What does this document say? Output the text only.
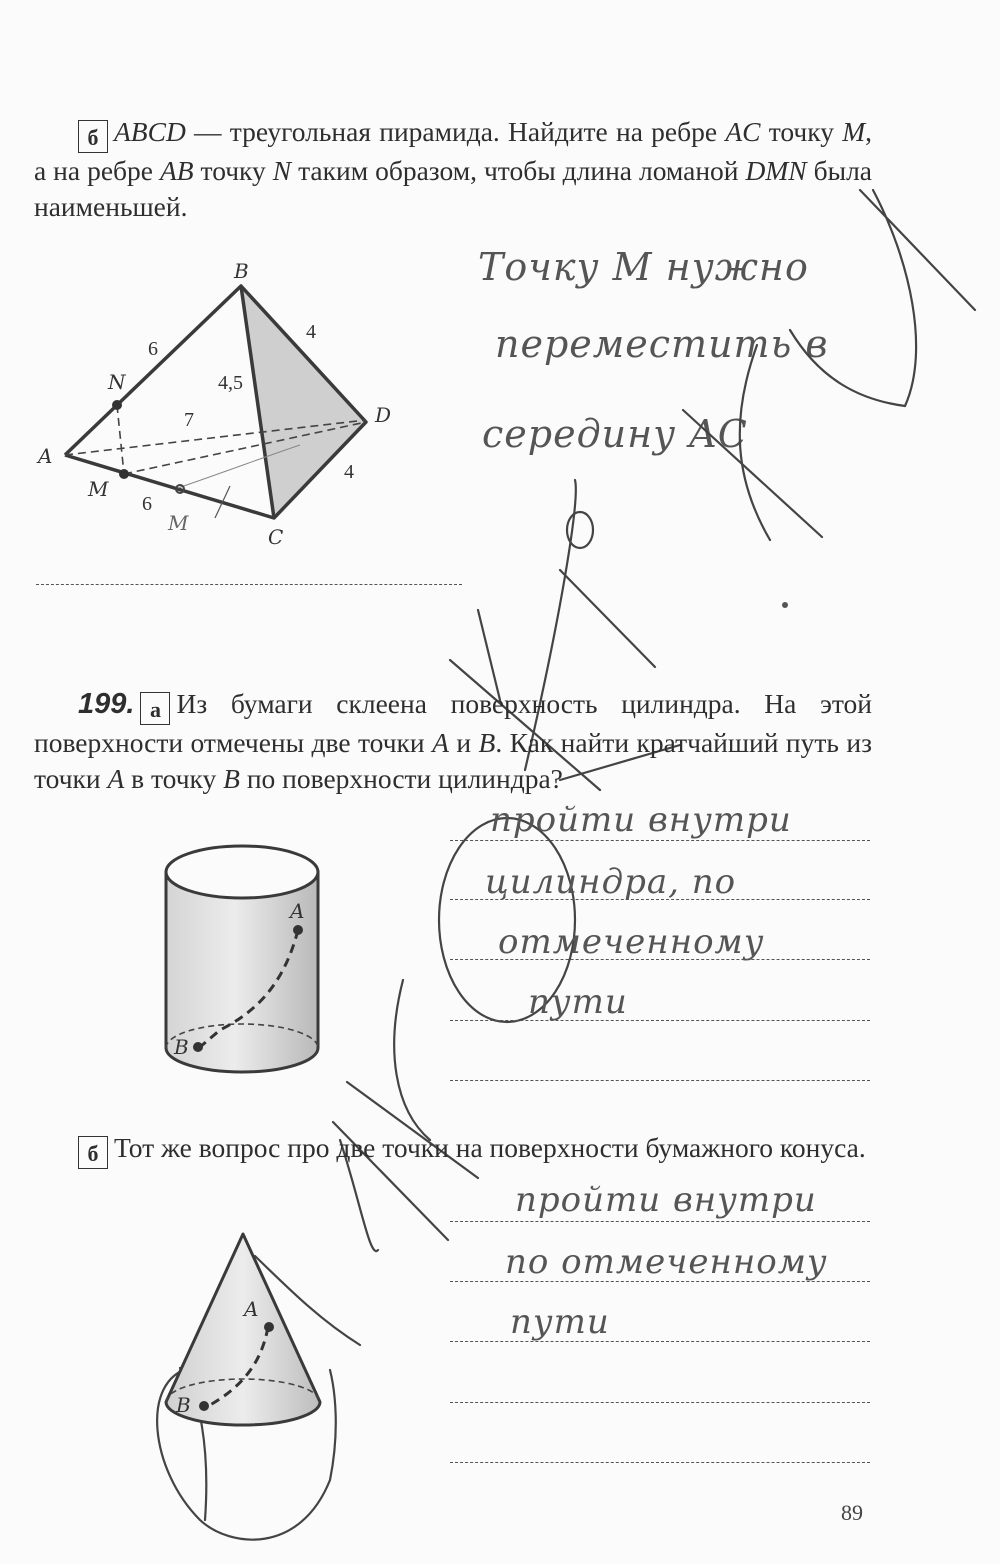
б ABCD — треугольная пирамида. Найдите на ребре AC точку M, а на ребре AB точку N таким образом, чтобы длина ломаной DMN была наименьшей.
B
A
C
D
N
M
6
4
4,5
7
6
4
M
Точку M нужно
переместить в
середину AC
199. а Из бумаги склеена поверхность цилиндра. На этой поверхности отмечены две точки A и B. Как найти кратчайший путь из точки A в точку B по поверхности цилиндра?
A
B
пройти внутри
цилиндра, по
отмеченному
пути
б Тот же вопрос про две точки на поверхности бумажного конуса.
A
B
пройти внутри
по отмеченному
пути
89
